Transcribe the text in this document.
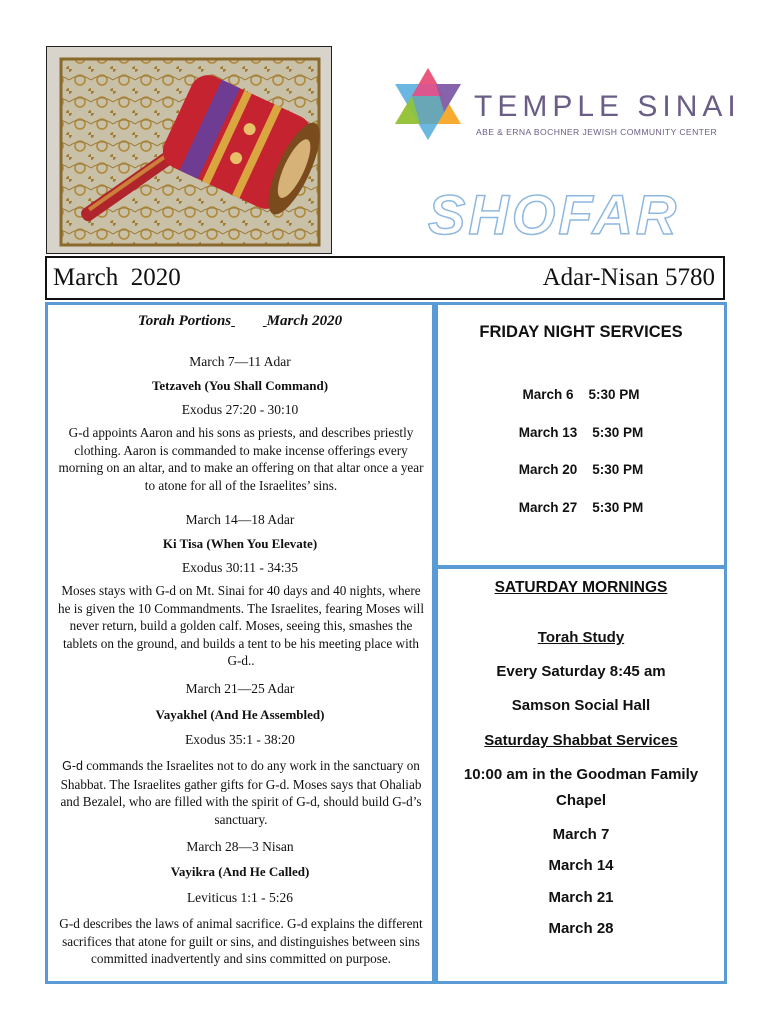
TEMPLE SINAI
ABE & ERNA BOCHNER JEWISH COMMUNITY CENTER
SHOFAR
March  2020	Adar-Nisan 5780
Torah Portions March 2020
March 7—11 Adar
Tetzaveh (You Shall Command)
Exodus 27:20 - 30:10
G-d appoints Aaron and his sons as priests, and describes priestly clothing. Aaron is commanded to make incense offerings every morning on an altar, and to make an offering on that altar once a year to atone for all of the Israelites’ sins.
March 14—18 Adar
Ki Tisa (When You Elevate)
Exodus 30:11 - 34:35
Moses stays with G-d on Mt. Sinai for 40 days and 40 nights, where he is given the 10 Commandments. The Israelites, fearing Moses will never return, build a golden calf. Moses, seeing this, smashes the tablets on the ground, and builds a tent to be his meeting place with G-d..
March 21—25 Adar
Vayakhel (And He Assembled)
Exodus 35:1 - 38:20
G-d commands the Israelites not to do any work in the sanctuary on Shabbat. The Israelites gather gifts for G-d. Moses says that Ohaliab and Bezalel, who are filled with the spirit of G-d, should build G-d’s sanctuary.
March 28—3 Nisan
Vayikra (And He Called)
Leviticus 1:1 - 5:26
G-d describes the laws of animal sacrifice. G-d explains the different sacrifices that atone for guilt or sins, and distinguishes between sins committed inadvertently and sins committed on purpose.
FRIDAY NIGHT SERVICES
March 6 5:30 PM
March 13 5:30 PM
March 20 5:30 PM
March 27 5:30 PM
SATURDAY MORNINGS
Torah Study
Every Saturday 8:45 am
Samson Social Hall
Saturday Shabbat Services
10:00 am in the Goodman Family Chapel
March 7
March 14
March 21
March 28
